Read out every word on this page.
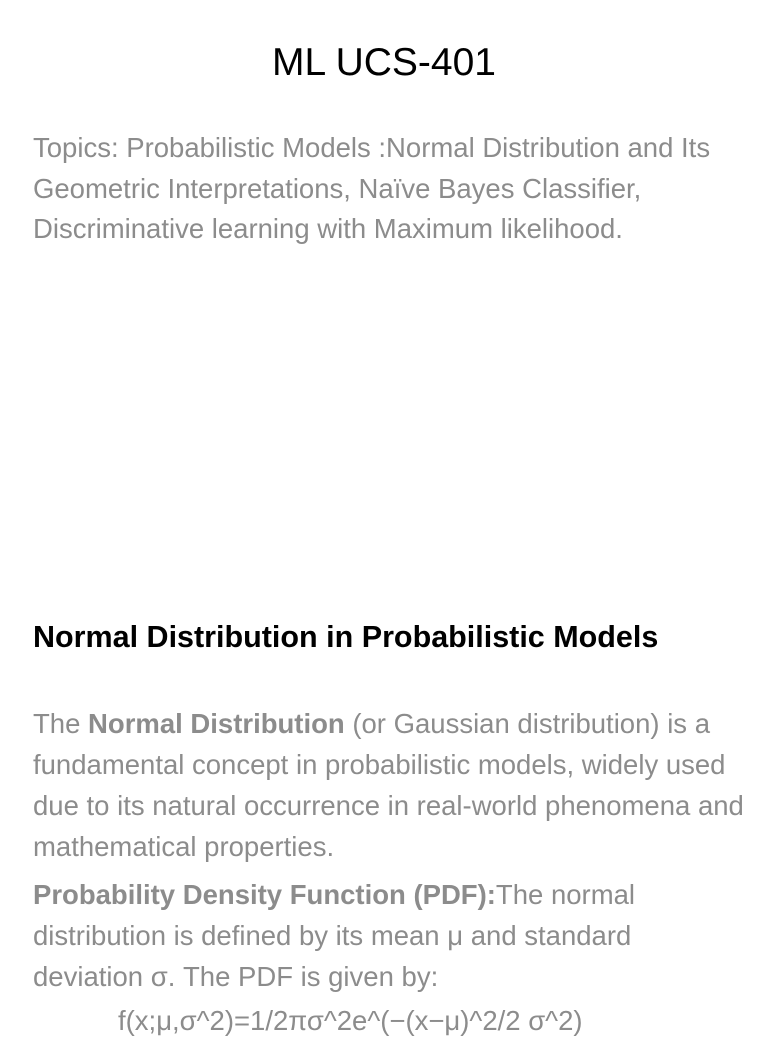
ML UCS-401

Topics: Probabilistic Models :Normal Distribution and Its Geometric Interpretations, Naïve Bayes Classifier, Discriminative learning with Maximum likelihood.

Normal Distribution in Probabilistic Models

The Normal Distribution (or Gaussian distribution) is a fundamental concept in probabilistic models, widely used due to its natural occurrence in real-world phenomena and mathematical properties.

Probability Density Function (PDF):The normal distribution is defined by its mean μ and standard deviation σ. The PDF is given by:

f(x;μ,σ^2)=1/2πσ^2e^(−(x−μ)^2/2 σ^2)
